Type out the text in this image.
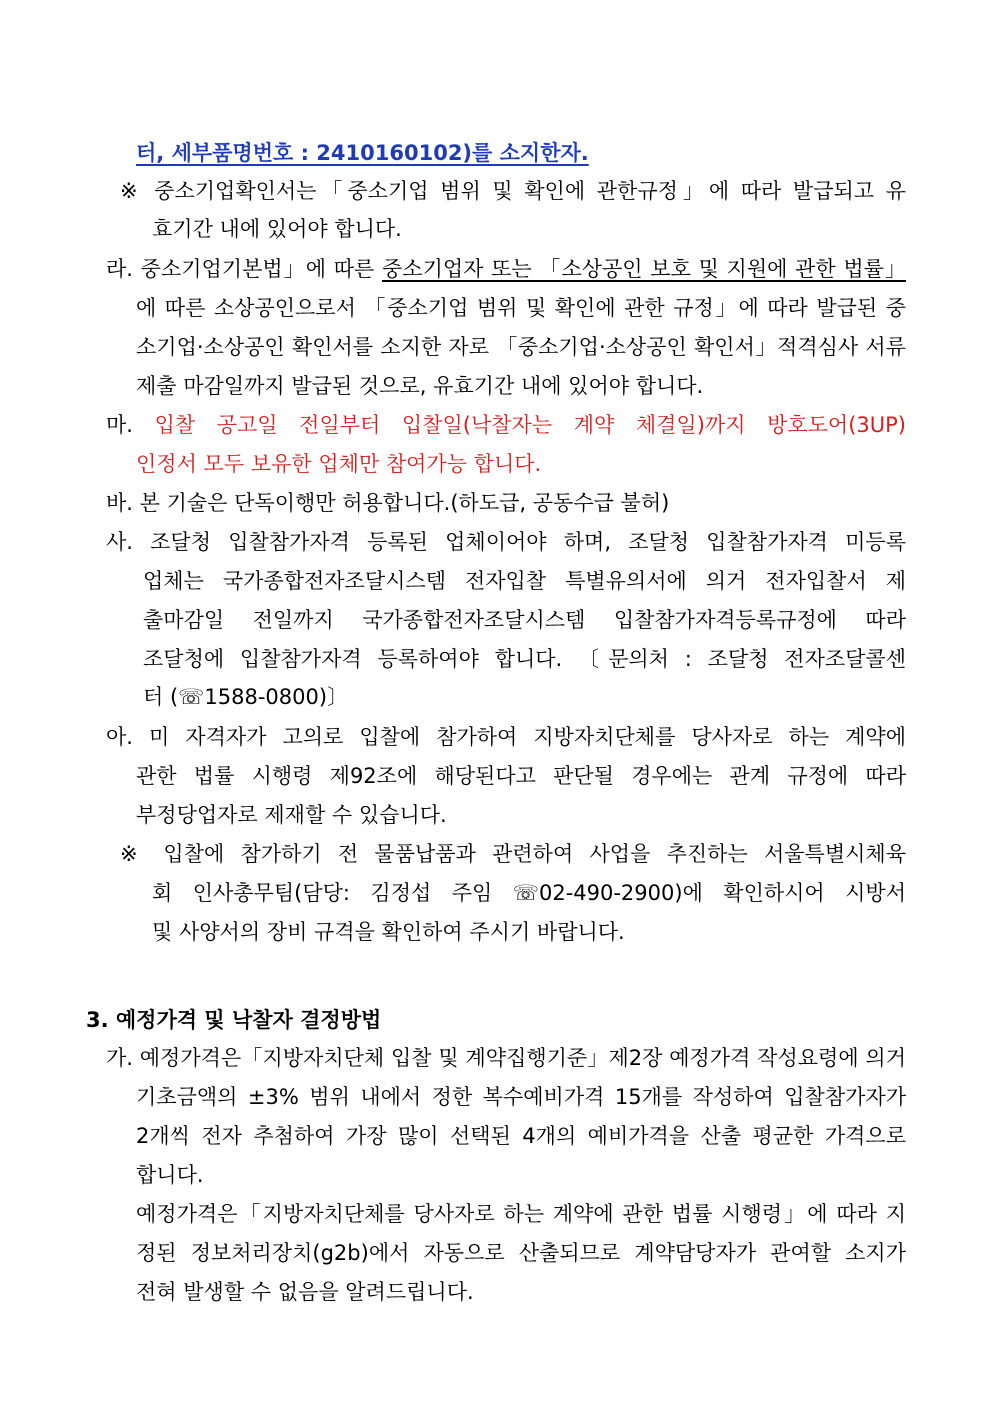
터, 세부품명번호 : 2410160102)를 소지한자.
※ 중소기업확인서는「중소기업 범위 및 확인에 관한규정」에 따라 발급되고 유
효기간 내에 있어야 합니다.
라. 중소기업기본법」에 따른 중소기업자 또는 「소상공인 보호 및 지원에 관한 법률」
에 따른 소상공인으로서 「중소기업 범위 및 확인에 관한 규정」에 따라 발급된 중
소기업·소상공인 확인서를 소지한 자로 「중소기업·소상공인 확인서」적격심사 서류
제출 마감일까지 발급된 것으로, 유효기간 내에 있어야 합니다.
마. 입찰 공고일 전일부터 입찰일(낙찰자는 계약 체결일)까지 방호도어(3UP)
인정서 모두 보유한 업체만 참여가능 합니다.
바. 본 기술은 단독이행만 허용합니다.(하도급, 공동수급 불허)
사. 조달청 입찰참가자격 등록된 업체이어야 하며, 조달청 입찰참가자격 미등록
업체는 국가종합전자조달시스템 전자입찰 특별유의서에 의거 전자입찰서 제
출마감일 전일까지 국가종합전자조달시스템 입찰참가자격등록규정에 따라
조달청에 입찰참가자격 등록하여야 합니다. 〔문의처 : 조달청 전자조달콜센
터 (☏1588-0800)〕
아. 미 자격자가 고의로 입찰에 참가하여 지방자치단체를 당사자로 하는 계약에
관한 법률 시행령 제92조에 해당된다고 판단될 경우에는 관계 규정에 따라
부정당업자로 제재할 수 있습니다.
※ 입찰에 참가하기 전 물품납품과 관련하여 사업을 추진하는 서울특별시체육
회 인사총무팀(담당: 김정섭 주임 ☏02-490-2900)에 확인하시어 시방서
및 사양서의 장비 규격을 확인하여 주시기 바랍니다.
3. 예정가격 및 낙찰자 결정방법
가. 예정가격은「지방자치단체 입찰 및 계약집행기준」제2장 예정가격 작성요령에 의거
기초금액의 ±3% 범위 내에서 정한 복수예비가격 15개를 작성하여 입찰참가자가
2개씩 전자 추첨하여 가장 많이 선택된 4개의 예비가격을 산출 평균한 가격으로
합니다.
예정가격은「지방자치단체를 당사자로 하는 계약에 관한 법률 시행령」에 따라 지
정된 정보처리장치(g2b)에서 자동으로 산출되므로 계약담당자가 관여할 소지가
전혀 발생할 수 없음을 알려드립니다.
